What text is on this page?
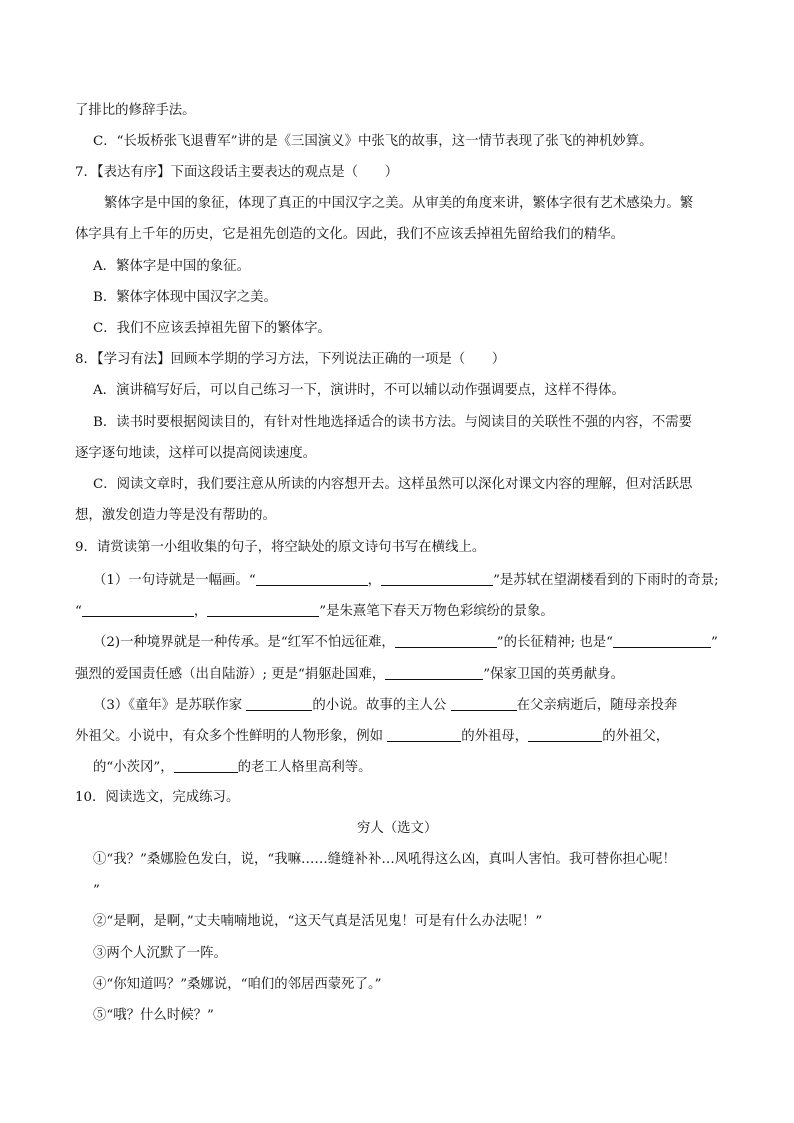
了排比的修辞手法。
C．“长坂桥张飞退曹军”讲的是《三国演义》中张飞的故事，这一情节表现了张飞的神机妙算。
7．【表达有序】下面这段话主要表达的观点是（　　）
繁体字是中国的象征，体现了真正的中国汉字之美。从审美的角度来讲，繁体字很有艺术感染力。繁
体字具有上千年的历史，它是祖先创造的文化。因此，我们不应该丢掉祖先留给我们的精华。
A．繁体字是中国的象征。
B．繁体字体现中国汉字之美。
C．我们不应该丢掉祖先留下的繁体字。
8．【学习有法】回顾本学期的学习方法，下列说法正确的一项是（　　）
A．演讲稿写好后，可以自己练习一下，演讲时，不可以辅以动作强调要点，这样不得体。
B．读书时要根据阅读目的，有针对性地选择适合的读书方法。与阅读目的关联性不强的内容，不需要
逐字逐句地读，这样可以提高阅读速度。
C．阅读文章时，我们要注意从所读的内容想开去。这样虽然可以深化对课文内容的理解，但对活跃思
想，激发创造力等是没有帮助的。
9．请赏读第一小组收集的句子，将空缺处的原文诗句书写在横线上。
（1）一句诗就是一幅画。“	，	”是苏轼在望湖楼看到的下雨时的奇景;
“	，	”是朱熹笔下春天万物色彩缤纷的景象。
（2)一种境界就是一种传承。是“红军不怕远征难，	”的长征精神; 也是“	”
强烈的爱国责任感（出自陆游）; 更是“捐躯赴国难，	”保家卫国的英勇献身。
（3）《童年》是苏联作家	的小说。故事的主人公	在父亲病逝后，随母亲投奔
外祖父。小说中，有众多个性鲜明的人物形象，例如	的外祖母，	的外祖父，
的“小茨冈”，	的老工人格里高利等。
10．阅读选文，完成练习。
穷人（选文）
①“我？”桑娜脸色发白，说，“我嘛……缝缝补补…风吼得这么凶，真叫人害怕。我可替你担心呢！
”
②“是啊，是啊，”丈夫喃喃地说，“这天气真是活见鬼！可是有什么办法呢！”
③两个人沉默了一阵。
④“你知道吗？”桑娜说，“咱们的邻居西蒙死了。”
⑤“哦？什么时候？”
